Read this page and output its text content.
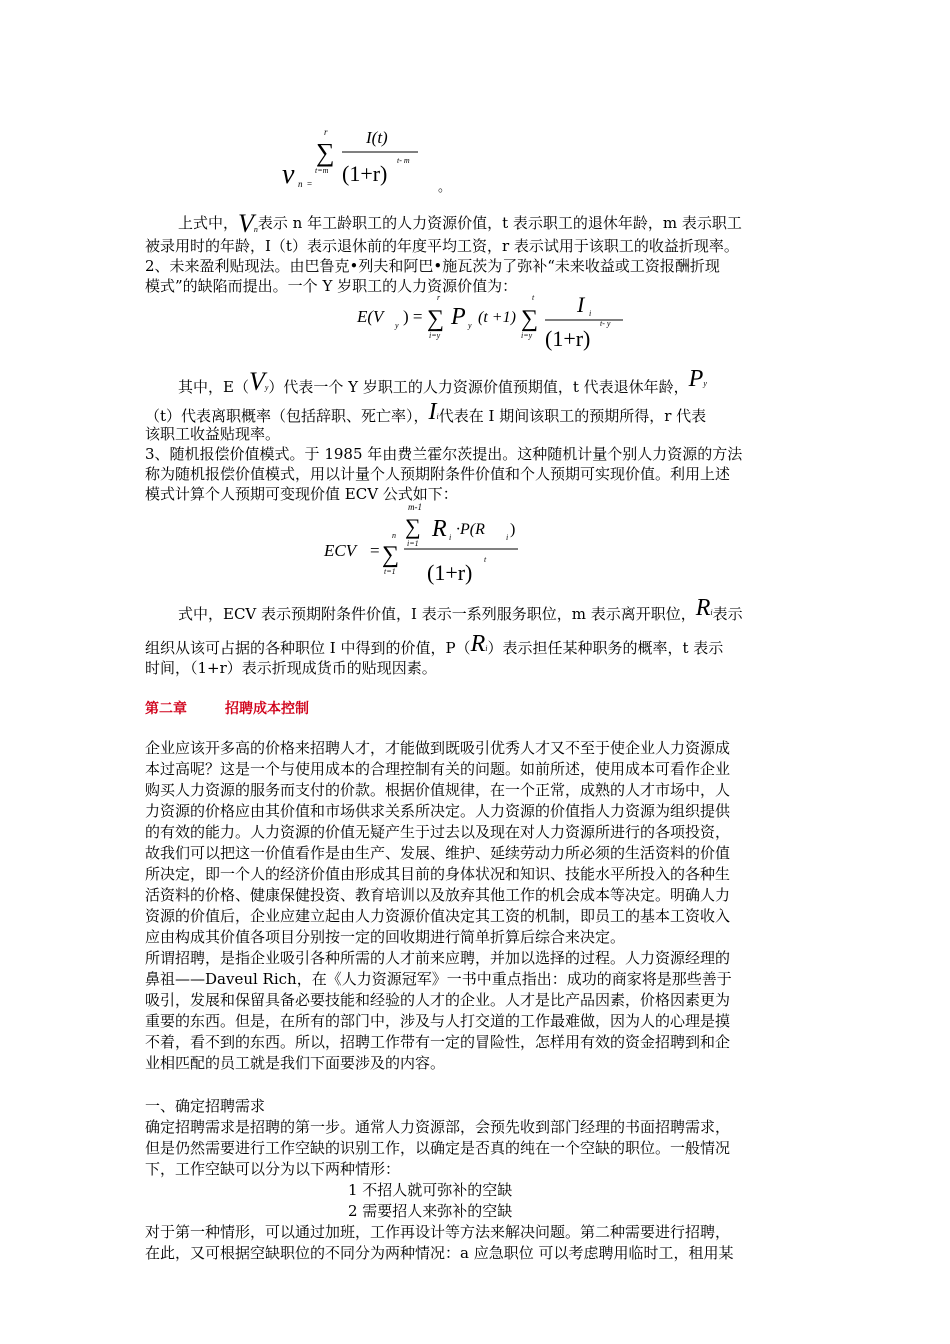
v n =
r
∑
t=m
I(t)
(1+r)
t- m
。
上式中，Vn表示 n 年工龄职工的人力资源价值，t 表示职工的退休年龄，m 表示职工
被录用时的年龄，I（t）表示退休前的年度平均工资，r 表示试用于该职工的收益折现率。
2、未来盈利贴现法。由巴鲁克•列夫和阿巴•施瓦茨为了弥补“未来收益或工资报酬折现
模式”的缺陷而提出。一个 Y 岁职工的人力资源价值为：
E(V	y ) =
r
∑
i=y
P y (t +1)
t
∑
i=y
I i
(1+r)
t- y
其中，E（Vy）代表一个 Y 岁职工的人力资源价值预期值，t 代表退休年龄，Py
（t）代表离职概率（包括辞职、死亡率），Ii代表在 I 期间该职工的预期所得，r 代表
该职工收益贴现率。
3、随机报偿价值模式。于 1985 年由费兰霍尔茨提出。这种随机计量个别人力资源的方法
称为随机报偿价值模式，用以计量个人预期附条件价值和个人预期可实现价值。利用上述
模式计算个人预期可变现价值 ECV 公式如下：
ECV =
n
∑
t=1
m-1
∑
i=1
R i ·P(R	i )
(1+r)
t
式中，ECV 表示预期附条件价值，I 表示一系列服务职位，m 表示离开职位，Ri表示
组织从该可占据的各种职位 I 中得到的价值，P（Ri）表示担任某种职务的概率，t 表示
时间，（1+r）表示折现成货币的贴现因素。
第二章	招聘成本控制
企业应该开多高的价格来招聘人才，才能做到既吸引优秀人才又不至于使企业人力资源成
本过高呢？这是一个与使用成本的合理控制有关的问题。如前所述，使用成本可看作企业
购买人力资源的服务而支付的价款。根据价值规律，在一个正常，成熟的人才市场中，人
力资源的价格应由其价值和市场供求关系所决定。人力资源的价值指人力资源为组织提供
的有效的能力。人力资源的价值无疑产生于过去以及现在对人力资源所进行的各项投资，
故我们可以把这一价值看作是由生产、发展、维护、延续劳动力所必须的生活资料的价值
所决定，即一个人的经济价值由形成其目前的身体状况和知识、技能水平所投入的各种生
活资料的价格、健康保健投资、教育培训以及放弃其他工作的机会成本等决定。明确人力
资源的价值后，企业应建立起由人力资源价值决定其工资的机制，即员工的基本工资收入
应由构成其价值各项目分别按一定的回收期进行简单折算后综合来决定。
所谓招聘，是指企业吸引各种所需的人才前来应聘，并加以选择的过程。人力资源经理的
鼻祖——Daveul Rich，在《人力资源冠军》一书中重点指出：成功的商家将是那些善于
吸引，发展和保留具备必要技能和经验的人才的企业。人才是比产品因素，价格因素更为
重要的东西。但是，在所有的部门中，涉及与人打交道的工作最难做，因为人的心理是摸
不着，看不到的东西。所以，招聘工作带有一定的冒险性，怎样用有效的资金招聘到和企
业相匹配的员工就是我们下面要涉及的内容。
一、确定招聘需求
确定招聘需求是招聘的第一步。通常人力资源部，会预先收到部门经理的书面招聘需求，
但是仍然需要进行工作空缺的识别工作，以确定是否真的纯在一个空缺的职位。一般情况
下，工作空缺可以分为以下两种情形：
1 不招人就可弥补的空缺
2 需要招人来弥补的空缺
对于第一种情形，可以通过加班，工作再设计等方法来解决问题。第二种需要进行招聘，
在此，又可根据空缺职位的不同分为两种情况：a 应急职位 可以考虑聘用临时工，租用某
